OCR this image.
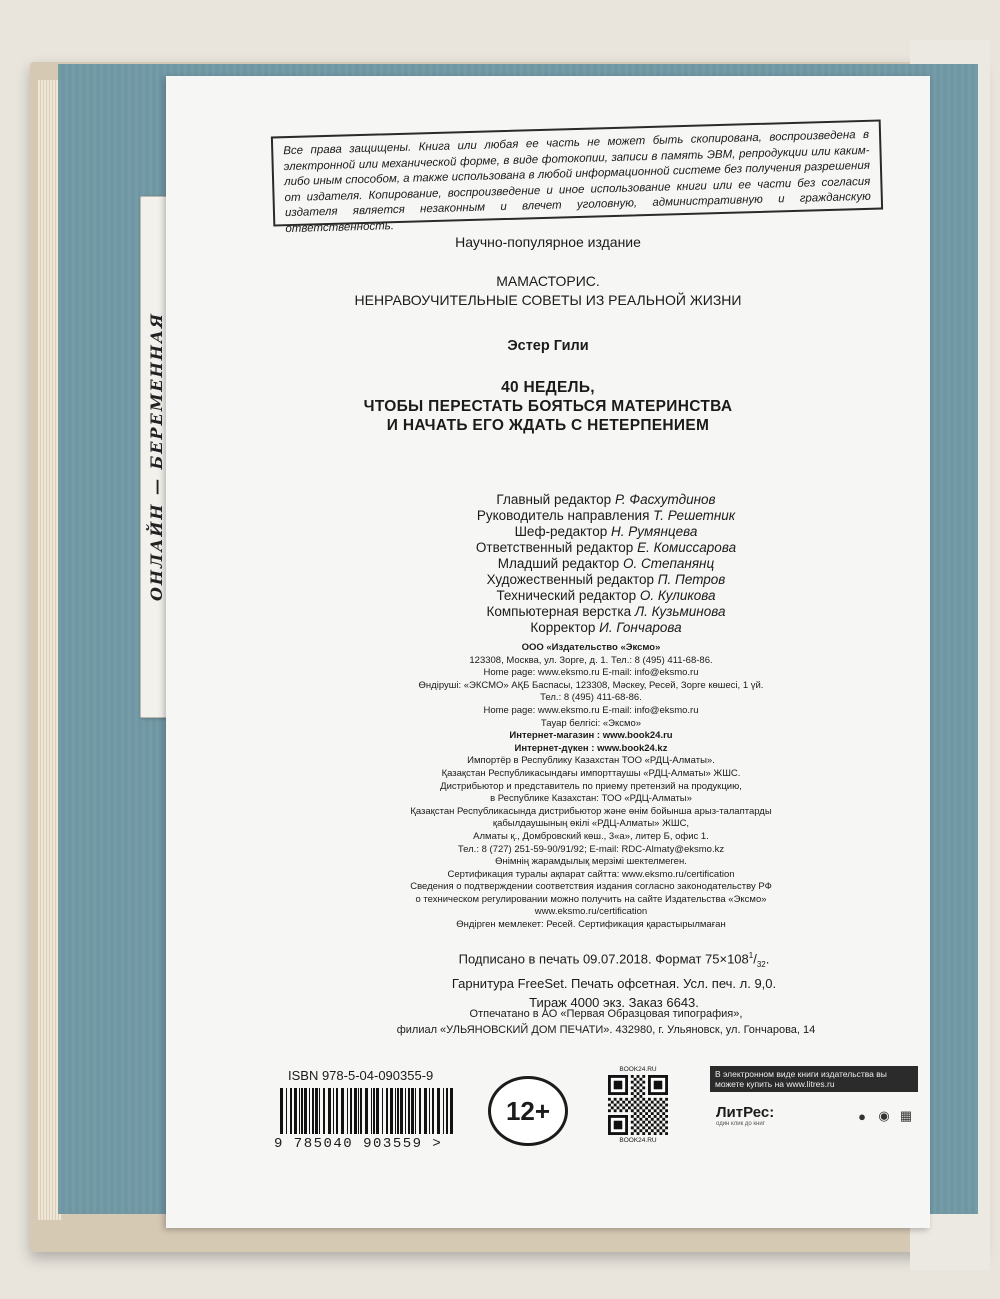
ОНЛАЙН — БЕРЕМЕННАЯ
Все права защищены. Книга или любая ее часть не может быть скопирована, воспроизведена в электронной или механической форме, в виде фотокопии, записи в память ЭВМ, репродукции или каким-либо иным способом, а также использована в любой информационной системе без получения разрешения от издателя. Копирование, воспроизведение и иное использование книги или ее части без согласия издателя является незаконным и влечет уголовную, административную и гражданскую ответственность.
Научно-популярное издание
МАМАСТОРИС.
НЕНРАВОУЧИТЕЛЬНЫЕ СОВЕТЫ ИЗ РЕАЛЬНОЙ ЖИЗНИ
Эстер Гили
40 НЕДЕЛЬ,
ЧТОБЫ ПЕРЕСТАТЬ БОЯТЬСЯ МАТЕРИНСТВА
И НАЧАТЬ ЕГО ЖДАТЬ С НЕТЕРПЕНИЕМ
Главный редактор Р. Фасхутдинов
Руководитель направления Т. Решетник
Шеф-редактор Н. Румянцева
Ответственный редактор Е. Комиссарова
Младший редактор О. Степанянц
Художественный редактор П. Петров
Технический редактор О. Куликова
Компьютерная верстка Л. Кузьминова
Корректор И. Гончарова
ООО «Издательство «Эксмо»
123308, Москва, ул. Зорге, д. 1. Тел.: 8 (495) 411-68-86.
Home page: www.eksmo.ru E-mail: info@eksmo.ru
Өндіруші: «ЭКСМО» АҚБ Баспасы, 123308, Мәскеу, Ресей, Зорге көшесі, 1 үй.
Тел.: 8 (495) 411-68-86.
Home page: www.eksmo.ru E-mail: info@eksmo.ru
Тауар белгісі: «Эксмо»
Интернет-магазин : www.book24.ru
Интернет-дүкен : www.book24.kz
Импортёр в Республику Казахстан ТОО «РДЦ-Алматы».
Қазақстан Республикасындағы импорттаушы «РДЦ-Алматы» ЖШС.
Дистрибьютор и представитель по приему претензий на продукцию,
в Республике Казахстан: ТОО «РДЦ-Алматы»
Қазақстан Республикасында дистрибьютор және өнім бойынша арыз-талаптарды
қабылдаушының өкілі «РДЦ-Алматы» ЖШС,
Алматы қ., Домбровский көш., 3«а», литер Б, офис 1.
Тел.: 8 (727) 251-59-90/91/92; E-mail: RDC-Almaty@eksmo.kz
Өнімнің жарамдылық мерзімі шектелмеген.
Сертификация туралы ақпарат сайтта: www.eksmo.ru/certification
Сведения о подтверждении соответствия издания согласно законодательству РФ
о техническом регулировании можно получить на сайте Издательства «Эксмо»
www.eksmo.ru/certification
Өндірген мемлекет: Ресей. Сертификация қарастырылмаған
Подписано в печать 09.07.2018. Формат $75\times 108^1/_{32}$.
Гарнитура FreeSet. Печать офсетная. Усл. печ. л. 9,0.
Тираж 4000 экз. Заказ 6643.
Отпечатано в АО «Первая Образцовая типография»,
филиал «УЛЬЯНОВСКИЙ ДОМ ПЕЧАТИ». 432980, г. Ульяновск, ул. Гончарова, 14
ISBN 978-5-04-090355-9
9 785040 903559 >
12+
BOOK24.RU
BOOK24.RU
В электронном виде книги издательства вы можете купить на www.litres.ru
ЛитРес:
один клик до книг
● ◉ ▦
